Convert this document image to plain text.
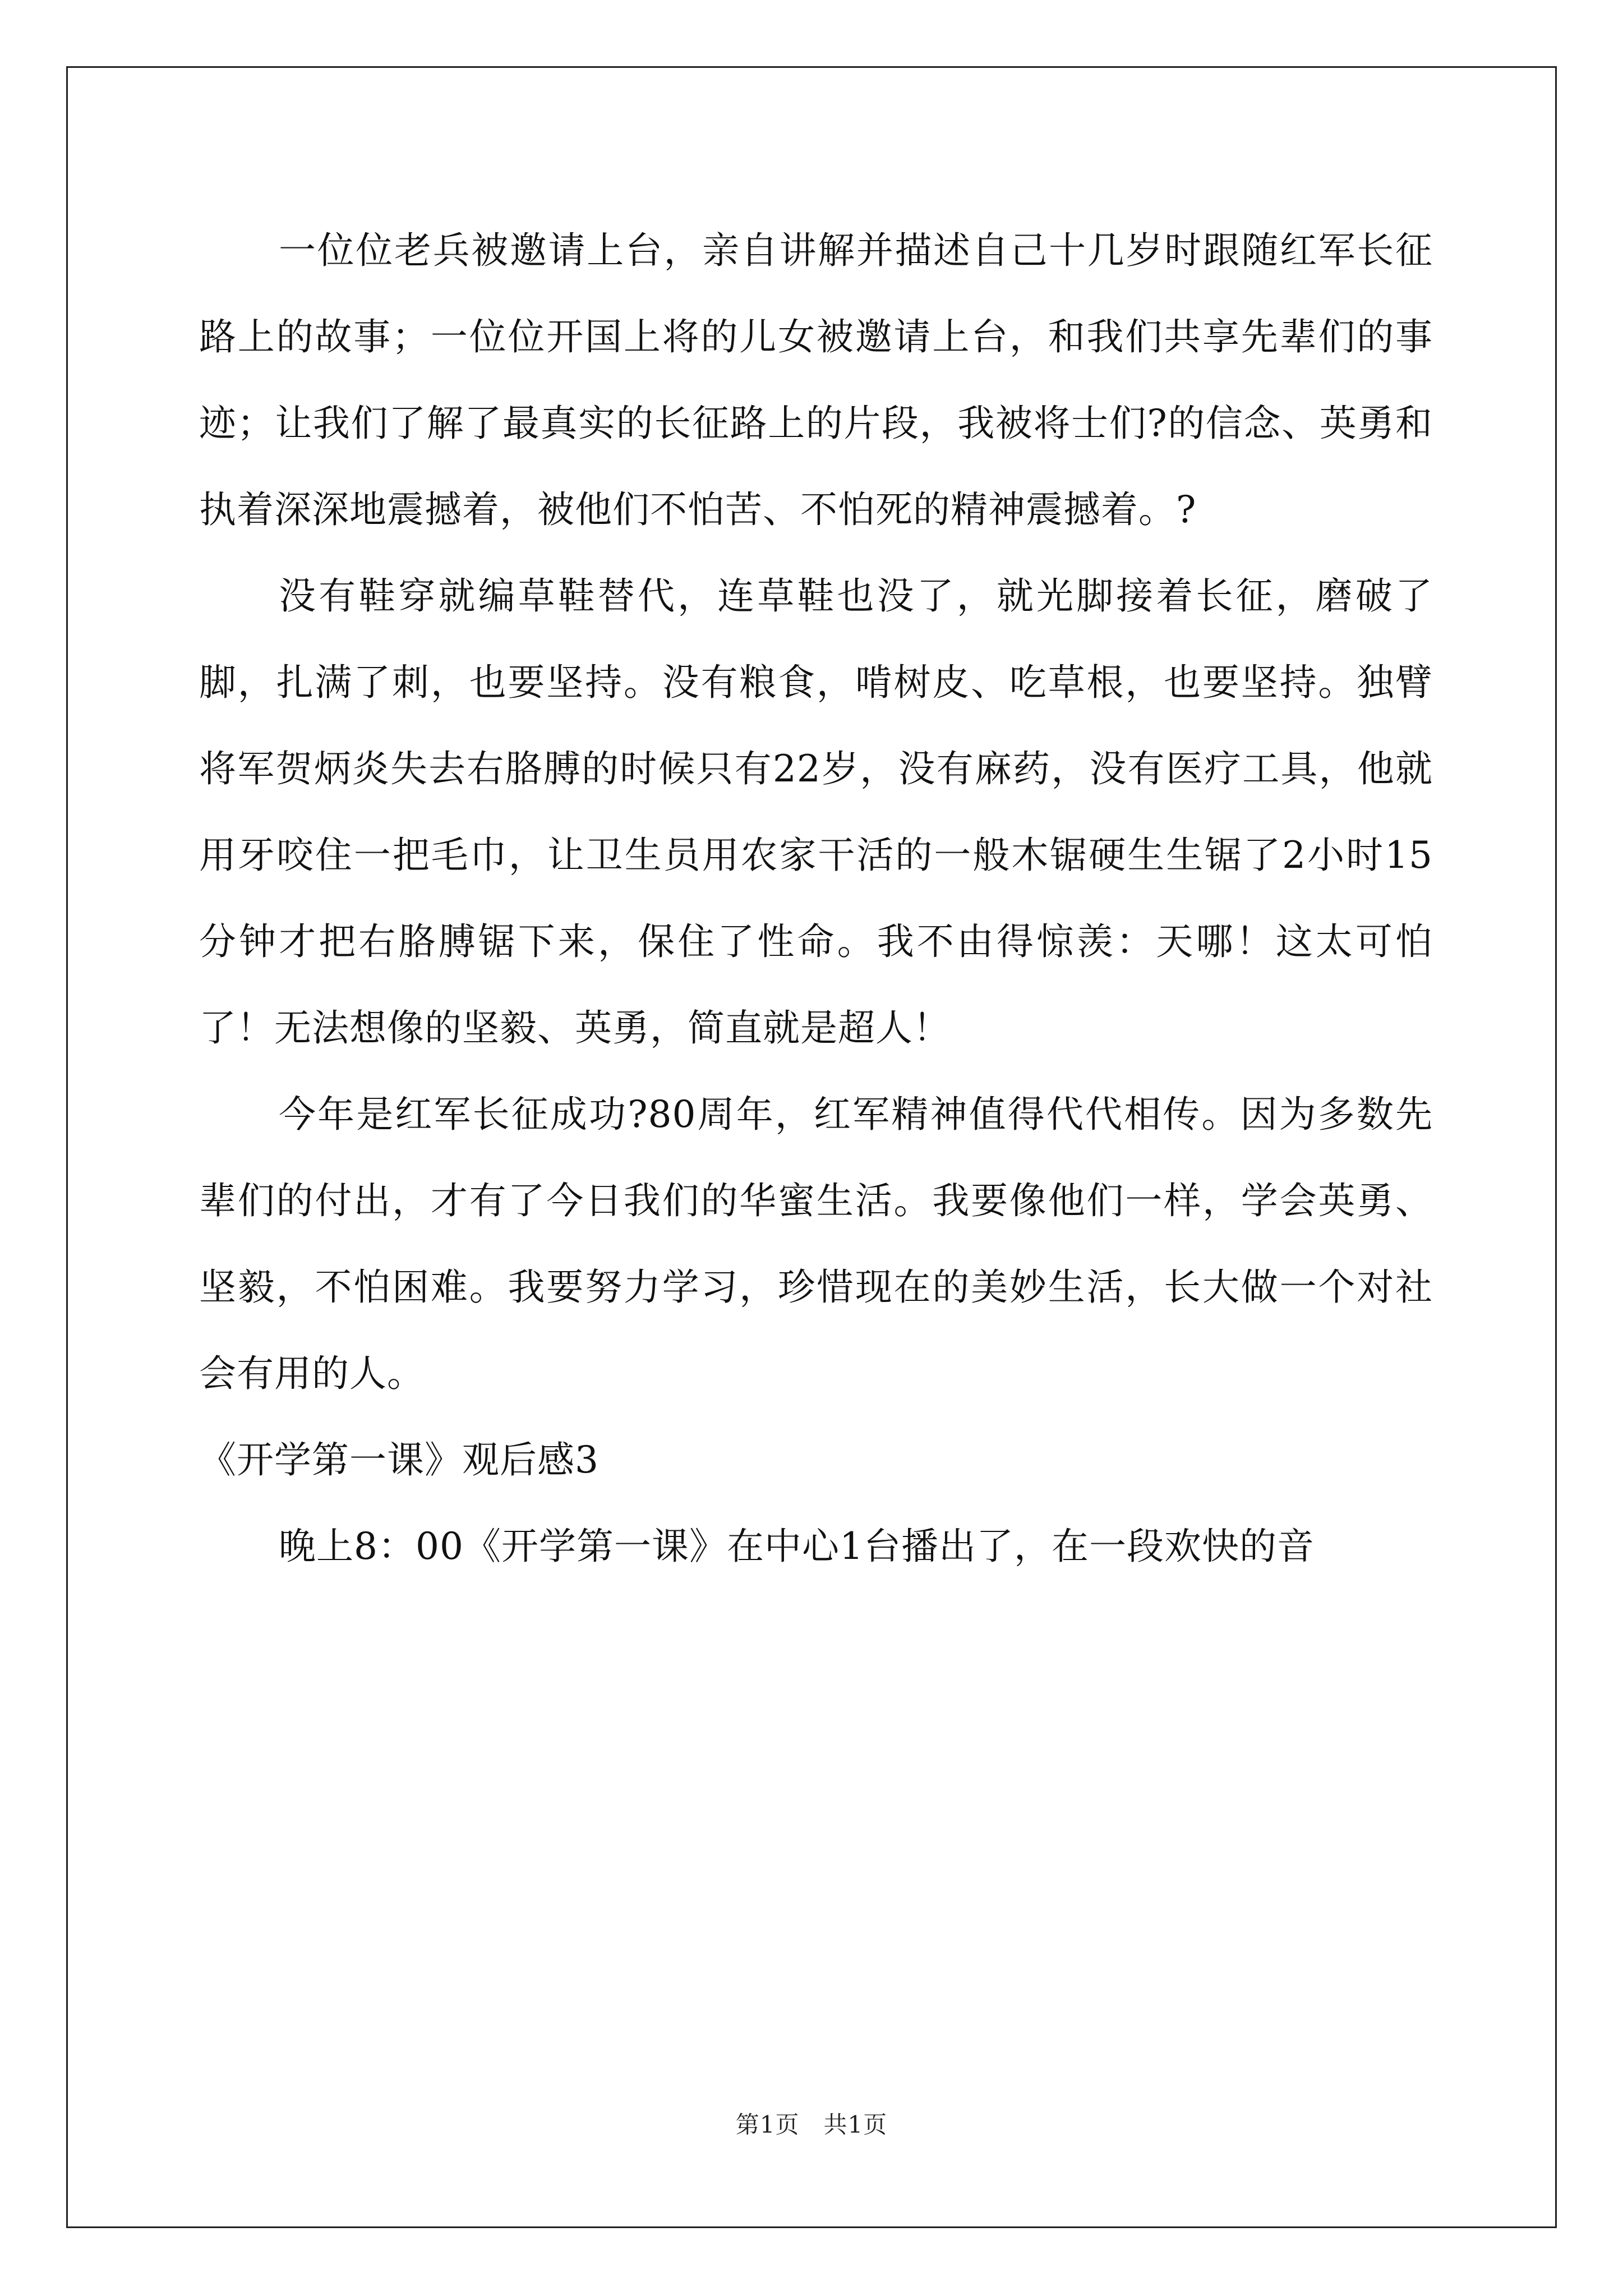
一位位老兵被邀请上台，亲自讲解并描述自己十几岁时跟随红军长征路上的故事；一位位开国上将的儿女被邀请上台，和我们共享先辈们的事迹；让我们了解了最真实的长征路上的片段，我被将士们?的信念、英勇和执着深深地震撼着，被他们不怕苦、不怕死的精神震撼着。?

没有鞋穿就编草鞋替代，连草鞋也没了，就光脚接着长征，磨破了脚，扎满了刺，也要坚持。没有粮食，啃树皮、吃草根，也要坚持。独臂将军贺炳炎失去右胳膊的时候只有22岁，没有麻药，没有医疗工具，他就用牙咬住一把毛巾，让卫生员用农家干活的一般木锯硬生生锯了2小时15分钟才把右胳膊锯下来，保住了性命。我不由得惊羡：天哪！这太可怕了！无法想像的坚毅、英勇，简直就是超人！

今年是红军长征成功?80周年，红军精神值得代代相传。因为多数先辈们的付出，才有了今日我们的华蜜生活。我要像他们一样，学会英勇、坚毅，不怕困难。我要努力学习，珍惜现在的美妙生活，长大做一个对社会有用的人。

《开学第一课》观后感3

晚上8：00《开学第一课》在中心1台播出了，在一段欢快的音

第1页 共1页
